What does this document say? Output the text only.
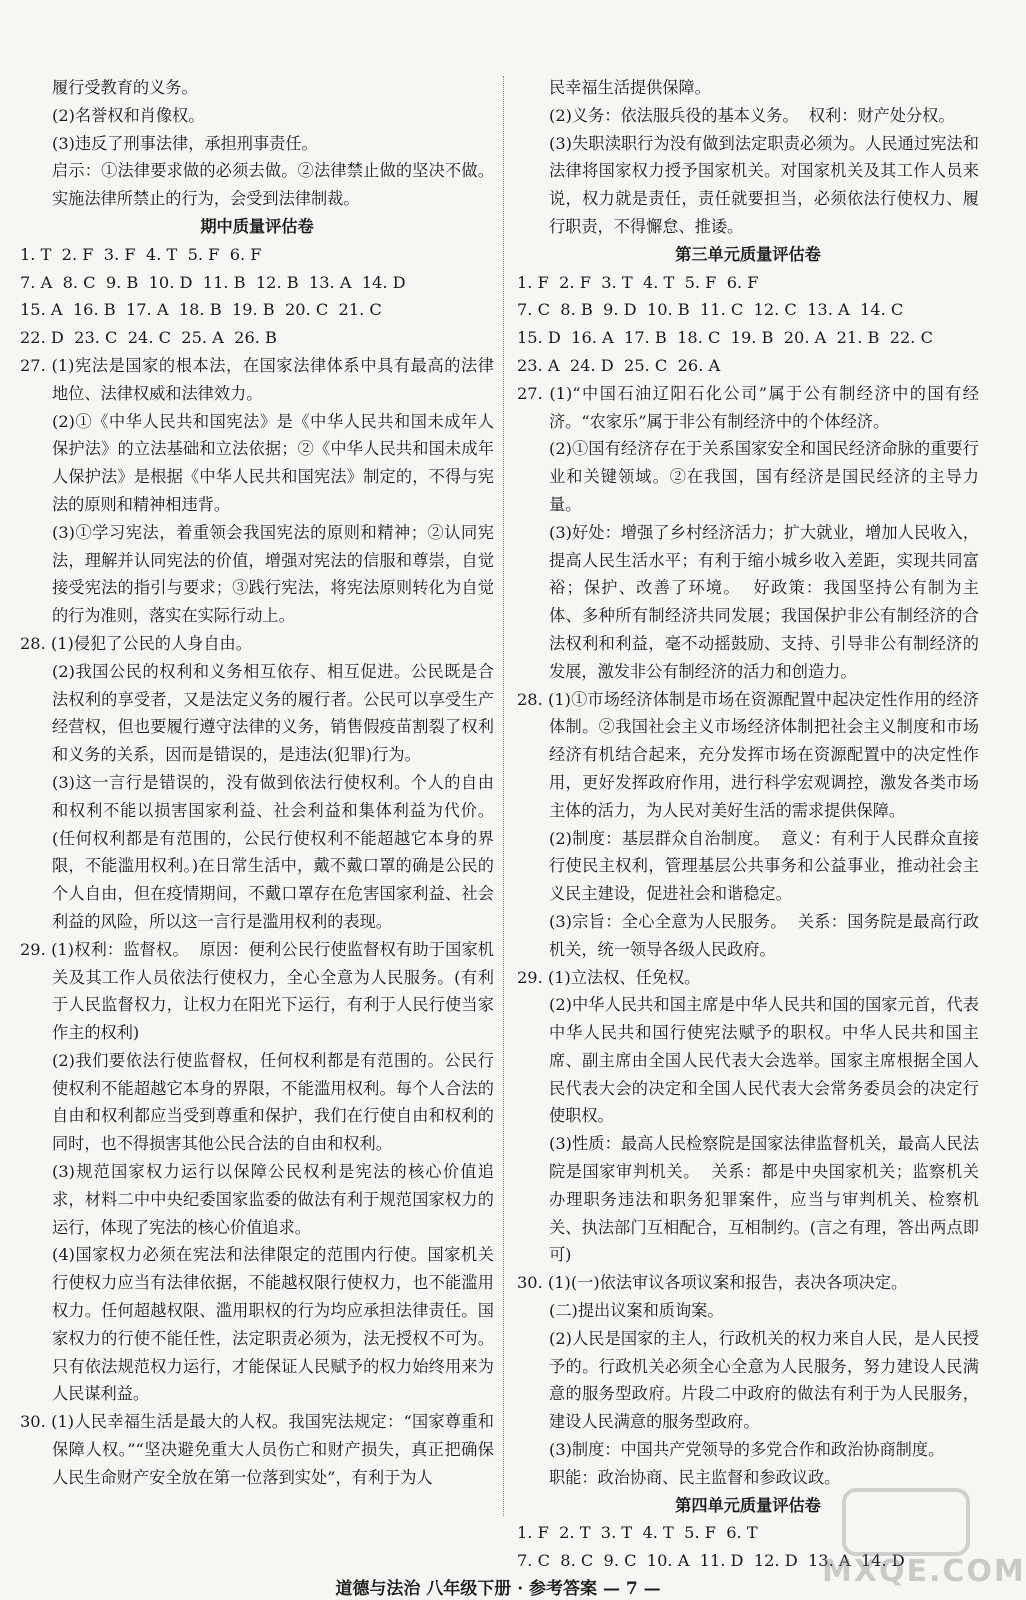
履行受教育的义务。

(2)名誉权和肖像权。

(3)违反了刑事法律，承担刑事责任。

启示：①法律要求做的必须去做。②法律禁止做的坚决不做。实施法律所禁止的行为，会受到法律制裁。

期中质量评估卷

1. T  2. F  3. F  4. T  5. F  6. F

7. A  8. C  9. B  10. D  11. B  12. B  13. A  14. D

15. A  16. B  17. A  18. B  19. B  20. C  21. C

22. D  23. C  24. C  25. A  26. B

27. (1)宪法是国家的根本法，在国家法律体系中具有最高的法律地位、法律权威和法律效力。

(2)①《中华人民共和国宪法》是《中华人民共和国未成年人保护法》的立法基础和立法依据；②《中华人民共和国未成年人保护法》是根据《中华人民共和国宪法》制定的，不得与宪法的原则和精神相违背。

(3)①学习宪法，着重领会我国宪法的原则和精神；②认同宪法，理解并认同宪法的价值，增强对宪法的信服和尊崇，自觉接受宪法的指引与要求；③践行宪法，将宪法原则转化为自觉的行为准则，落实在实际行动上。

28. (1)侵犯了公民的人身自由。

(2)我国公民的权利和义务相互依存、相互促进。公民既是合法权利的享受者，又是法定义务的履行者。公民可以享受生产经营权，但也要履行遵守法律的义务，销售假疫苗割裂了权利和义务的关系，因而是错误的，是违法(犯罪)行为。

(3)这一言行是错误的，没有做到依法行使权利。个人的自由和权利不能以损害国家利益、社会利益和集体利益为代价。(任何权利都是有范围的，公民行使权利不能超越它本身的界限，不能滥用权利。)在日常生活中，戴不戴口罩的确是公民的个人自由，但在疫情期间，不戴口罩存在危害国家利益、社会利益的风险，所以这一言行是滥用权利的表现。

29. (1)权利：监督权。  原因：便利公民行使监督权有助于国家机关及其工作人员依法行使权力，全心全意为人民服务。(有利于人民监督权力，让权力在阳光下运行，有利于人民行使当家作主的权利)

(2)我们要依法行使监督权，任何权利都是有范围的。公民行使权利不能超越它本身的界限，不能滥用权利。每个人合法的自由和权利都应当受到尊重和保护，我们在行使自由和权利的同时，也不得损害其他公民合法的自由和权利。

(3)规范国家权力运行以保障公民权利是宪法的核心价值追求，材料二中中央纪委国家监委的做法有利于规范国家权力的运行，体现了宪法的核心价值追求。

(4)国家权力必须在宪法和法律限定的范围内行使。国家机关行使权力应当有法律依据，不能越权限行使权力，也不能滥用权力。任何超越权限、滥用职权的行为均应承担法律责任。国家权力的行使不能任性，法定职责必须为，法无授权不可为。只有依法规范权力运行，才能保证人民赋予的权力始终用来为人民谋利益。

30. (1)人民幸福生活是最大的人权。我国宪法规定：“国家尊重和保障人权。”“坚决避免重大人员伤亡和财产损失，真正把确保人民生命财产安全放在第一位落到实处”，有利于为人

民幸福生活提供保障。

(2)义务：依法服兵役的基本义务。  权利：财产处分权。

(3)失职渎职行为没有做到法定职责必须为。人民通过宪法和法律将国家权力授予国家机关。对国家机关及其工作人员来说，权力就是责任，责任就要担当，必须依法行使权力、履行职责，不得懈怠、推诿。

第三单元质量评估卷

1. F  2. F  3. T  4. T  5. F  6. F

7. C  8. B  9. D  10. B  11. C  12. C  13. A  14. C

15. D  16. A  17. B  18. C  19. B  20. A  21. B  22. C

23. A  24. D  25. C  26. A

27. (1)“中国石油辽阳石化公司”属于公有制经济中的国有经济。“农家乐”属于非公有制经济中的个体经济。

(2)①国有经济存在于关系国家安全和国民经济命脉的重要行业和关键领域。②在我国，国有经济是国民经济的主导力量。

(3)好处：增强了乡村经济活力；扩大就业，增加人民收入，提高人民生活水平；有利于缩小城乡收入差距，实现共同富裕；保护、改善了环境。  好政策：我国坚持公有制为主体、多种所有制经济共同发展；我国保护非公有制经济的合法权利和利益，毫不动摇鼓励、支持、引导非公有制经济的发展，激发非公有制经济的活力和创造力。

28. (1)①市场经济体制是市场在资源配置中起决定性作用的经济体制。②我国社会主义市场经济体制把社会主义制度和市场经济有机结合起来，充分发挥市场在资源配置中的决定性作用，更好发挥政府作用，进行科学宏观调控，激发各类市场主体的活力，为人民对美好生活的需求提供保障。

(2)制度：基层群众自治制度。  意义：有利于人民群众直接行使民主权利，管理基层公共事务和公益事业，推动社会主义民主建设，促进社会和谐稳定。

(3)宗旨：全心全意为人民服务。  关系：国务院是最高行政机关，统一领导各级人民政府。

29. (1)立法权、任免权。

(2)中华人民共和国主席是中华人民共和国的国家元首，代表中华人民共和国行使宪法赋予的职权。中华人民共和国主席、副主席由全国人民代表大会选举。国家主席根据全国人民代表大会的决定和全国人民代表大会常务委员会的决定行使职权。

(3)性质：最高人民检察院是国家法律监督机关，最高人民法院是国家审判机关。  关系：都是中央国家机关；监察机关办理职务违法和职务犯罪案件，应当与审判机关、检察机关、执法部门互相配合，互相制约。(言之有理，答出两点即可)

30. (1)(一)依法审议各项议案和报告，表决各项决定。

(二)提出议案和质询案。

(2)人民是国家的主人，行政机关的权力来自人民，是人民授予的。行政机关必须全心全意为人民服务，努力建设人民满意的服务型政府。片段二中政府的做法有利于为人民服务，建设人民满意的服务型政府。

(3)制度：中国共产党领导的多党合作和政治协商制度。

职能：政治协商、民主监督和参政议政。

第四单元质量评估卷

1. F  2. T  3. T  4. T  5. F  6. T

7. C  8. C  9. C  10. A  11. D  12. D  13. A  14. D

道德与法治 八年级下册 · 参考答案 — 7 —	MXQE.COM
